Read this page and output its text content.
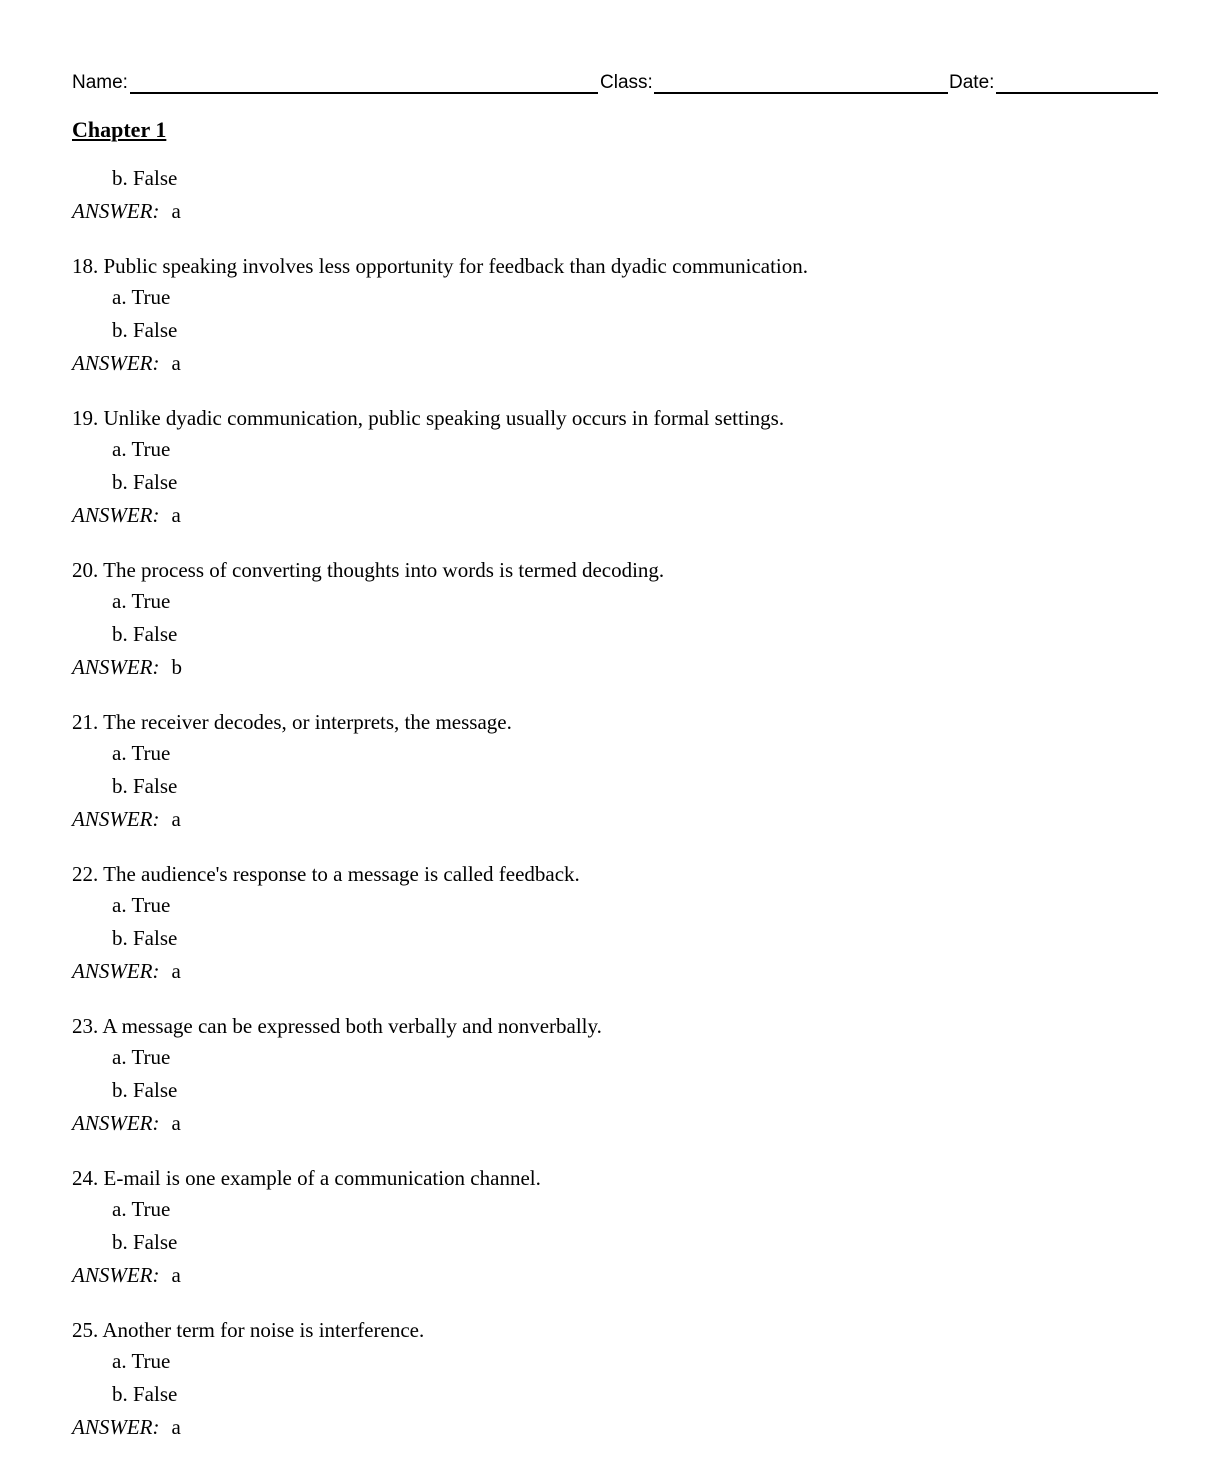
Name:	Class:	Date:
Chapter 1
b. False
ANSWER: a
18. Public speaking involves less opportunity for feedback than dyadic communication.
a. True
b. False
ANSWER: a
19. Unlike dyadic communication, public speaking usually occurs in formal settings.
a. True
b. False
ANSWER: a
20. The process of converting thoughts into words is termed decoding.
a. True
b. False
ANSWER: b
21. The receiver decodes, or interprets, the message.
a. True
b. False
ANSWER: a
22. The audience's response to a message is called feedback.
a. True
b. False
ANSWER: a
23. A message can be expressed both verbally and nonverbally.
a. True
b. False
ANSWER: a
24. E-mail is one example of a communication channel.
a. True
b. False
ANSWER: a
25. Another term for noise is interference.
a. True
b. False
ANSWER: a
